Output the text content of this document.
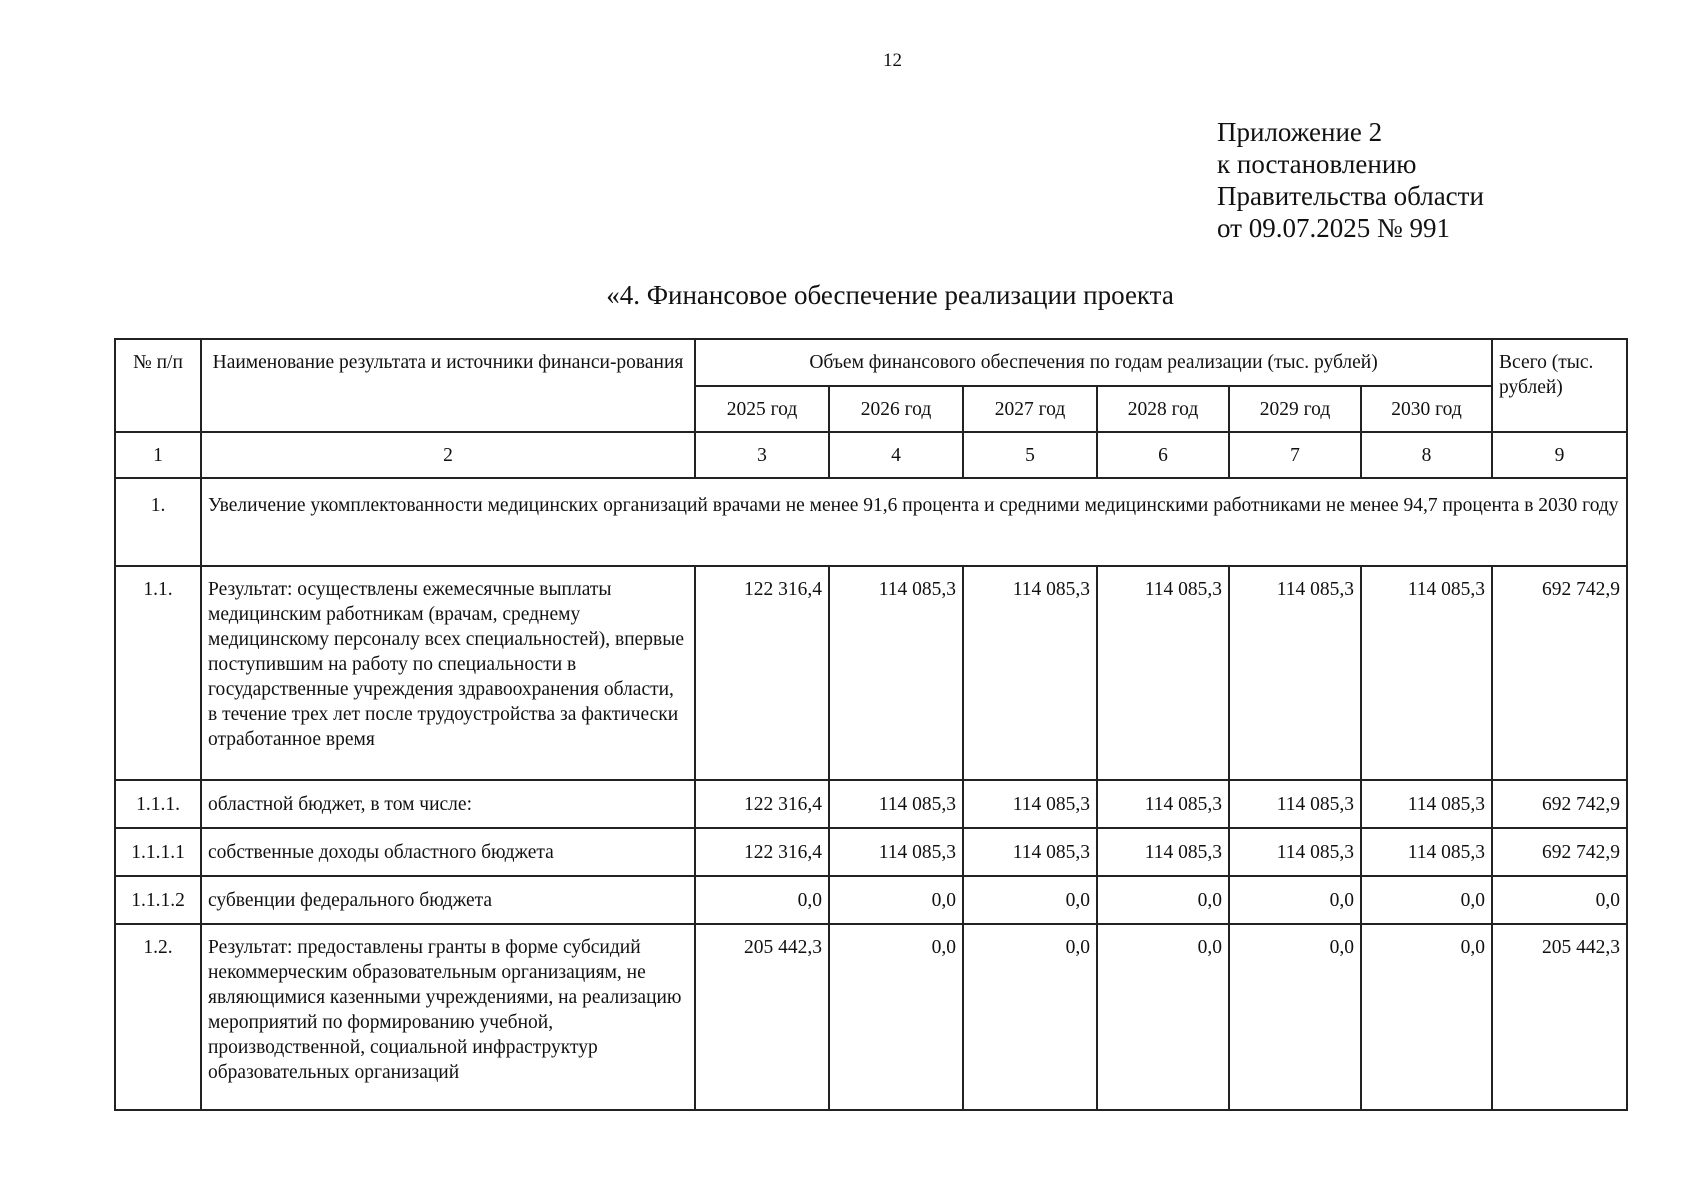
12
Приложение 2
к постановлению
Правительства области
от 09.07.2025 № 991
«4. Финансовое обеспечение реализации проекта
№ п/п	Наименование результата и источники финанси-рования	Объем финансового обеспечения по годам реализации (тыс. рублей)						Всего (тыс. рублей)
		2025 год	2026 год	2027 год	2028 год	2029 год	2030 год	
1	2	3	4	5	6	7	8	9
1.	Увеличение укомплектованности медицинских организаций врачами не менее 91,6 процента и средними медицинскими работниками не менее 94,7 процента в 2030 году							
1.1.	Результат: осуществлены ежемесячные выплаты медицинским работникам (врачам, среднему медицинскому персоналу всех специальностей), впервые поступившим на работу по специальности в государственные учреждения здравоохранения области, в течение трех лет после трудоустройства за фактически отработанное время	122 316,4	114 085,3	114 085,3	114 085,3	114 085,3	114 085,3	692 742,9
1.1.1.	областной бюджет, в том числе:	122 316,4	114 085,3	114 085,3	114 085,3	114 085,3	114 085,3	692 742,9
1.1.1.1	собственные доходы областного бюджета	122 316,4	114 085,3	114 085,3	114 085,3	114 085,3	114 085,3	692 742,9
1.1.1.2	субвенции федерального бюджета	0,0	0,0	0,0	0,0	0,0	0,0	0,0
1.2.	Результат: предоставлены гранты в форме субсидий некоммерческим образовательным организациям, не являющимися казенными учреждениями, на реализацию мероприятий по формированию учебной, производственной, социальной инфраструктур образовательных организаций	205 442,3	0,0	0,0	0,0	0,0	0,0	205 442,3
